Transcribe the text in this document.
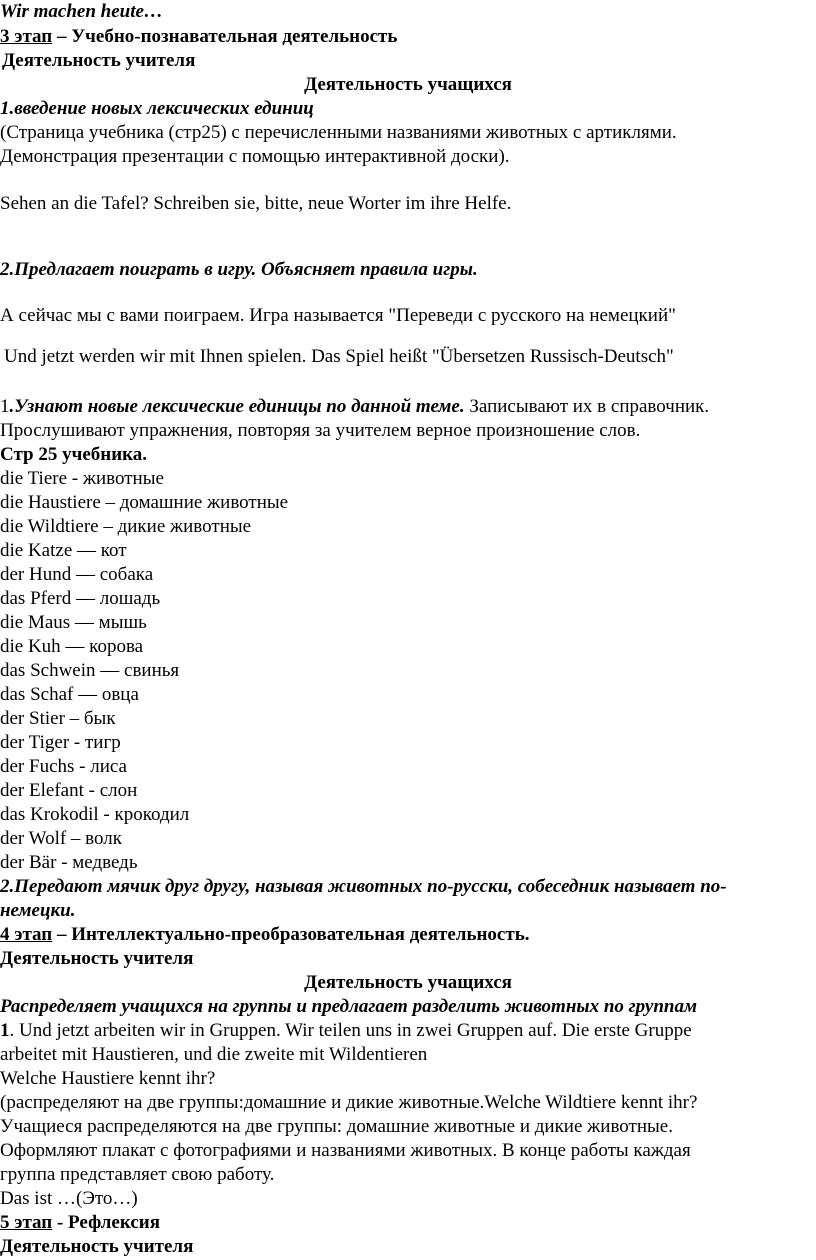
Wir machen heute…
3 этап – Учебно-познавательная деятельность
Деятельность учителя
Деятельность учащихся
1.введение новых лексических единиц
(Страница учебника (стр25) с перечисленными названиями животных с артиклями.
Демонстрация презентации с помощью интерактивной доски).
Sehen an die Tafel? Schreiben sie, bitte, neue Worter im ihre Helfe.
2.Предлагает поиграть в игру. Объясняет правила игры.
А сейчас мы с вами поиграем. Игра называется "Переведи с русского на немецкий"
Und jetzt werden wir mit Ihnen spielen. Das Spiel heißt "Übersetzen Russisch-Deutsch"
1.Узнают новые лексические единицы по данной теме. Записывают их в справочник.
Прослушивают упражнения, повторяя за учителем верное произношение слов.
Стр 25 учебника.
die Tiere - животные
die Haustiere – домашние животные
die Wildtiere – дикие животные
die Katze — кот
der Hund — собака
das Pferd — лошадь
die Maus — мышь
die Kuh — корова
das Schwein — свинья
das Schaf — овца
der Stier – бык
der Tiger - тигр
der Fuchs - лиса
der Elefant - слон
das Krokodil - крокодил
der Wolf – волк
der Bär - медведь
2.Передают мячик друг другу, называя животных по-русски, собеседник называет по-
немецки.
4 этап – Интеллектуально-преобразовательная деятельность.
Деятельность учителя
Деятельность учащихся
Распределяет учащихся на группы и предлагает разделить животных по группам
1. Und jetzt arbeiten wir in Gruppen. Wir teilen uns in zwei Gruppen auf. Die erste Gruppe
arbeitet mit Haustieren, und die zweite mit Wildentieren
Welche Haustiere kennt ihr?
(распределяют на две группы:домашние и дикие животные.Welche Wildtiere kennt ihr?
Учащиеся распределяются на две группы: домашние животные и дикие животные.
Оформляют плакат с фотографиями и названиями животных. В конце работы каждая
группа представляет свою работу.
Das ist …(Это…)
5 этап - Рефлексия
Деятельность учителя
